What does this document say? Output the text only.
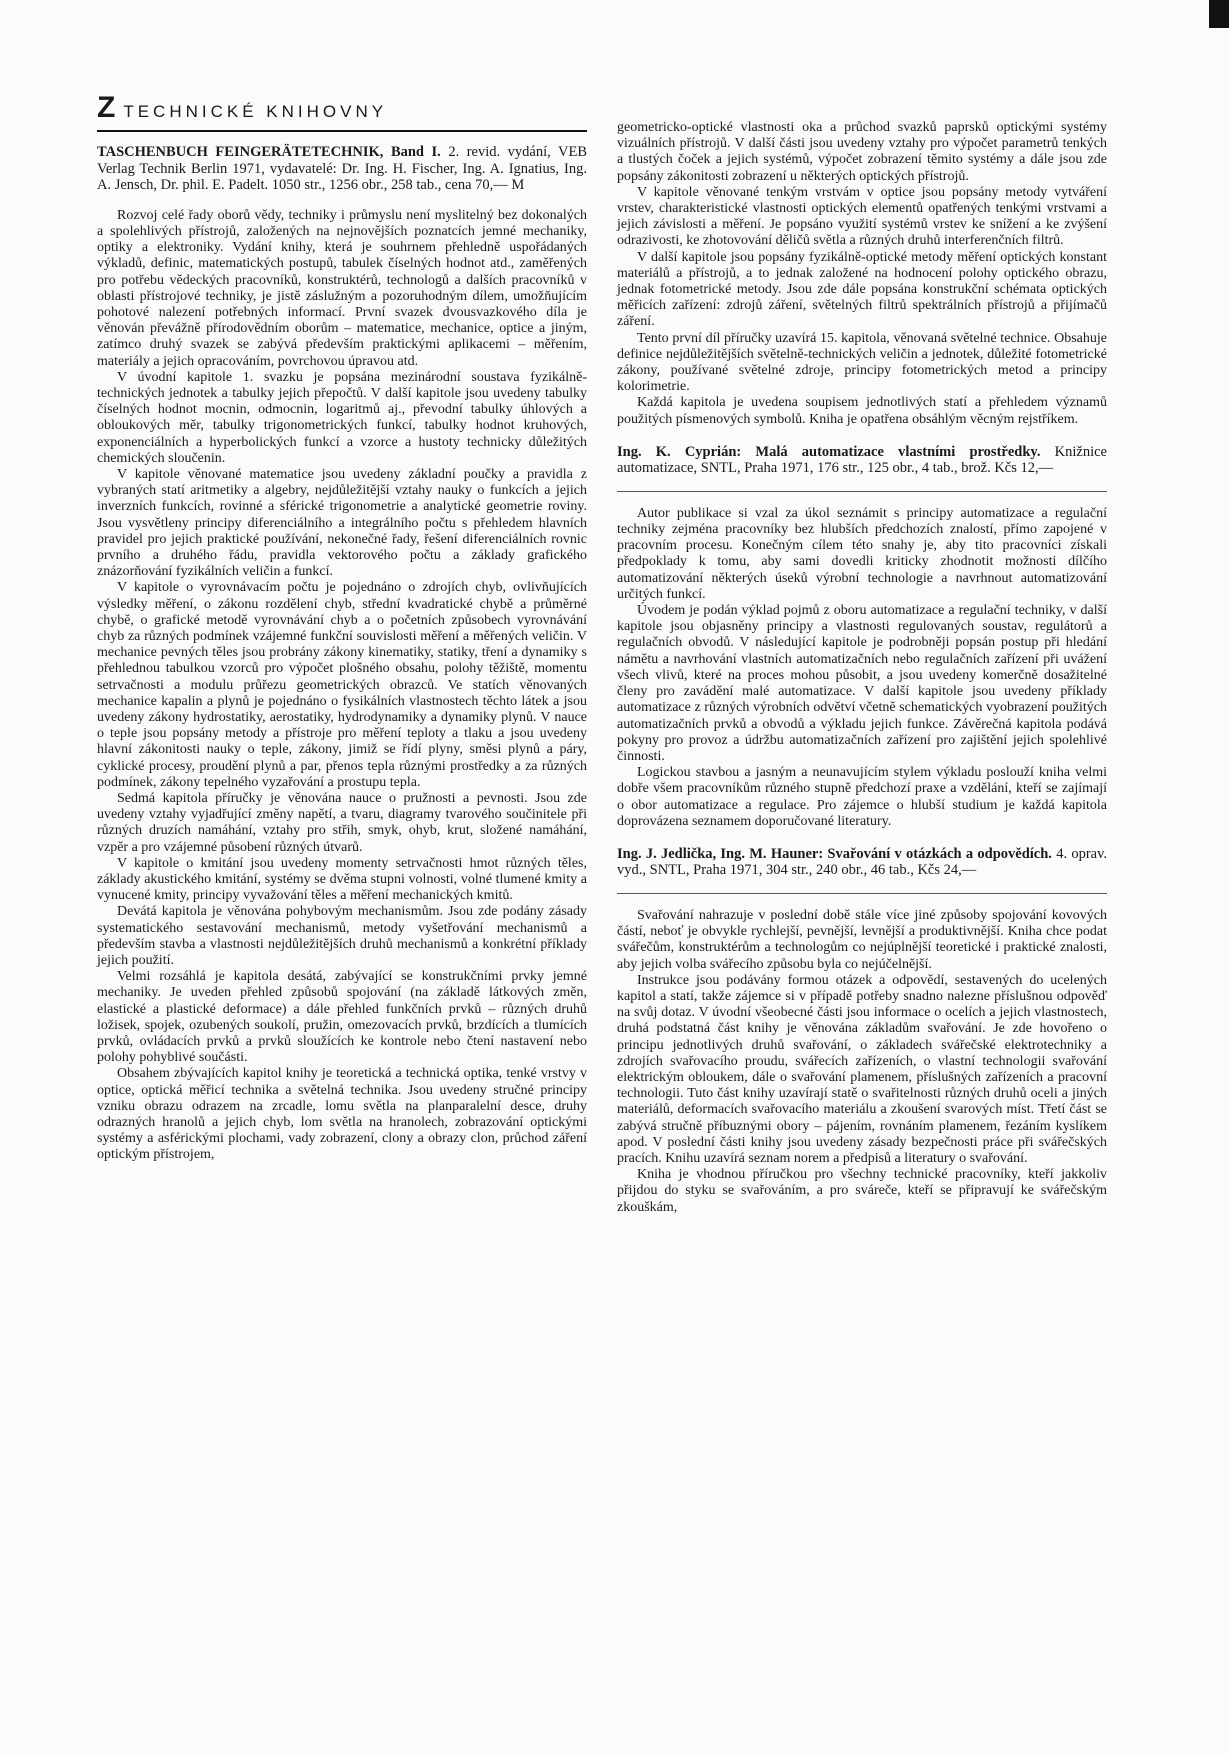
ZTECHNICKÉ KNIHOVNY
TASCHENBUCH FEINGERÄTETECHNIK, Band I. 2. revid. vydání, VEB Verlag Technik Berlin 1971, vydavatelé: Dr. Ing. H. Fischer, Ing. A. Ignatius, Ing. A. Jensch, Dr. phil. E. Padelt. 1050 str., 1256 obr., 258 tab., cena 70,— M

Rozvoj celé řady oborů vědy, techniky i průmyslu není myslitelný bez dokonalých a spolehlivých přístrojů, založených na nejnovějších poznatcích jemné mechaniky, optiky a elektroniky. Vydání knihy, která je souhrnem přehledně uspořádaných výkladů, definic, matematických postupů, tabulek číselných hodnot atd., zaměřených pro potřebu vědeckých pracovníků, konstruktérů, technologů a dalších pracovníků v oblasti přístrojové techniky, je jistě záslužným a pozoruhodným dílem, umožňujícím pohotové nalezení potřebných informací. První svazek dvousvazkového díla je věnován převážně přírodovědním oborům – matematice, mechanice, optice a jiným, zatímco druhý svazek se zabývá především praktickými aplikacemi – měřením, materiály a jejich opracováním, povrchovou úpravou atd.

V úvodní kapitole 1. svazku je popsána mezinárodní soustava fyzikálně-technických jednotek a tabulky jejich přepočtů. V další kapitole jsou uvedeny tabulky číselných hodnot mocnin, odmocnin, logaritmů aj., převodní tabulky úhlových a obloukových měr, tabulky trigonometrických funkcí, tabulky hodnot kruhových, exponenciálních a hyperbolických funkcí a vzorce a hustoty technicky důležitých chemických sloučenin.

V kapitole věnované matematice jsou uvedeny základní poučky a pravidla z vybraných statí aritmetiky a algebry, nejdůležitější vztahy nauky o funkcích a jejich inverzních funkcích, rovinné a sférické trigonometrie a analytické geometrie roviny. Jsou vysvětleny principy diferenciálního a integrálního počtu s přehledem hlavních pravidel pro jejich praktické používání, nekonečné řady, řešení diferenciálních rovnic prvního a druhého řádu, pravidla vektorového počtu a základy grafického znázorňování fyzikálních veličin a funkcí.

V kapitole o vyrovnávacím počtu je pojednáno o zdrojích chyb, ovlivňujících výsledky měření, o zákonu rozdělení chyb, střední kvadratické chybě a průměrné chybě, o grafické metodě vyrovnávání chyb a o početních způsobech vyrovnávání chyb za různých podmínek vzájemné funkční souvislosti měření a měřených veličin. V mechanice pevných těles jsou probrány zákony kinematiky, statiky, tření a dynamiky s přehlednou tabulkou vzorců pro výpočet plošného obsahu, polohy těžiště, momentu setrvačnosti a modulu průřezu geometrických obrazců. Ve statích věnovaných mechanice kapalin a plynů je pojednáno o fysikálních vlastnostech těchto látek a jsou uvedeny zákony hydrostatiky, aerostatiky, hydrodynamiky a dynamiky plynů. V nauce o teple jsou popsány metody a přístroje pro měření teploty a tlaku a jsou uvedeny hlavní zákonitosti nauky o teple, zákony, jimiž se řídí plyny, směsi plynů a páry, cyklické procesy, proudění plynů a par, přenos tepla různými prostředky a za různých podmínek, zákony tepelného vyzařování a prostupu tepla.

Sedmá kapitola příručky je věnována nauce o pružnosti a pevnosti. Jsou zde uvedeny vztahy vyjadřující změny napětí, a tvaru, diagramy tvarového součinitele při různých druzích namáhání, vztahy pro střih, smyk, ohyb, krut, složené namáhání, vzpěr a pro vzájemné působení různých útvarů.

V kapitole o kmitání jsou uvedeny momenty setrvačnosti hmot různých těles, základy akustického kmitání, systémy se dvěma stupni volnosti, volné tlumené kmity a vynucené kmity, principy vyvažování těles a měření mechanických kmitů.

Devátá kapitola je věnována pohybovým mechanismům. Jsou zde podány zásady systematického sestavování mechanismů, metody vyšetřování mechanismů a především stavba a vlastnosti nejdůležitějších druhů mechanismů a konkrétní příklady jejich použití.

Velmi rozsáhlá je kapitola desátá, zabývající se konstrukčními prvky jemné mechaniky. Je uveden přehled způsobů spojování (na základě látkových změn, elastické a plastické deformace) a dále přehled funkčních prvků – různých druhů ložisek, spojek, ozubených soukolí, pružin, omezovacích prvků, brzdících a tlumících prvků, ovládacích prvků a prvků sloužících ke kontrole nebo čtení nastavení nebo polohy pohyblivé součásti.

Obsahem zbývajících kapitol knihy je teoretická a technická optika, tenké vrstvy v optice, optická měřicí technika a světelná technika. Jsou uvedeny stručné principy vzniku obrazu odrazem na zrcadle, lomu světla na planparalelní desce, druhy odrazných hranolů a jejich chyb, lom světla na hranolech, zobrazování optickými systémy a asférickými plochami, vady zobrazení, clony a obrazy clon, průchod záření optickým přístrojem,

geometricko-optické vlastnosti oka a průchod svazků paprsků optickými systémy vizuálních přístrojů. V další části jsou uvedeny vztahy pro výpočet parametrů tenkých a tlustých čoček a jejich systémů, výpočet zobrazení těmito systémy a dále jsou zde popsány zákonitosti zobrazení u některých optických přístrojů.

V kapitole věnované tenkým vrstvám v optice jsou popsány metody vytváření vrstev, charakteristické vlastnosti optických elementů opatřených tenkými vrstvami a jejich závislosti a měření. Je popsáno využití systémů vrstev ke snížení a ke zvýšení odrazivosti, ke zhotovování děličů světla a různých druhů interferenčních filtrů.

V další kapitole jsou popsány fyzikálně-optické metody měření optických konstant materiálů a přístrojů, a to jednak založené na hodnocení polohy optického obrazu, jednak fotometrické metody. Jsou zde dále popsána konstrukční schémata optických měřicích zařízení: zdrojů záření, světelných filtrů spektrálních přístrojů a přijímačů záření.

Tento první díl příručky uzavírá 15. kapitola, věnovaná světelné technice. Obsahuje definice nejdůležitějších světelně-technických veličin a jednotek, důležité fotometrické zákony, používané světelné zdroje, principy fotometrických metod a principy kolorimetrie.

Každá kapitola je uvedena soupisem jednotlivých statí a přehledem významů použitých písmenových symbolů. Kniha je opatřena obsáhlým věcným rejstříkem.

Ing. K. Cyprián: Malá automatizace vlastními prostředky. Knižnice automatizace, SNTL, Praha 1971, 176 str., 125 obr., 4 tab., brož. Kčs 12,—

Autor publikace si vzal za úkol seznámit s principy automatizace a regulační techniky zejména pracovníky bez hlubších předchozích znalostí, přímo zapojené v pracovním procesu. Konečným cílem této snahy je, aby tito pracovníci získali předpoklady k tomu, aby sami dovedli kriticky zhodnotit možnosti dílčího automatizování některých úseků výrobní technologie a navrhnout automatizování určitých funkcí.

Úvodem je podán výklad pojmů z oboru automatizace a regulační techniky, v další kapitole jsou objasněny principy a vlastnosti regulovaných soustav, regulátorů a regulačních obvodů. V následující kapitole je podrobněji popsán postup při hledání námětu a navrhování vlastních automatizačních nebo regulačních zařízení při uvážení všech vlivů, které na proces mohou působit, a jsou uvedeny komerčně dosažitelné členy pro zavádění malé automatizace. V další kapitole jsou uvedeny příklady automatizace z různých výrobních odvětví včetně schematických vyobrazení použitých automatizačních prvků a obvodů a výkladu jejich funkce. Závěrečná kapitola podává pokyny pro provoz a údržbu automatizačních zařízení pro zajištění jejich spolehlivé činnosti.

Logickou stavbou a jasným a neunavujícím stylem výkladu poslouží kniha velmi dobře všem pracovníkům různého stupně předchozí praxe a vzdělání, kteří se zajímají o obor automatizace a regulace. Pro zájemce o hlubší studium je každá kapitola doprovázena seznamem doporučované literatury.

Ing. J. Jedlička, Ing. M. Hauner: Svařování v otázkách a odpovědích. 4. oprav. vyd., SNTL, Praha 1971, 304 str., 240 obr., 46 tab., Kčs 24,—

Svařování nahrazuje v poslední době stále více jiné způsoby spojování kovových částí, neboť je obvykle rychlejší, pevnější, levnější a produktivnější. Kniha chce podat svářečům, konstruktérům a technologům co nejúplnější teoretické i praktické znalosti, aby jejich volba svářecího způsobu byla co nejúčelnější.

Instrukce jsou podávány formou otázek a odpovědí, sestavených do ucelených kapitol a statí, takže zájemce si v případě potřeby snadno nalezne příslušnou odpověď na svůj dotaz. V úvodní všeobecné části jsou informace o ocelích a jejich vlastnostech, druhá podstatná část knihy je věnována základům svařování. Je zde hovořeno o principu jednotlivých druhů svařování, o základech svářečské elektrotechniky a zdrojích svařovacího proudu, svářecích zařízeních, o vlastní technologii svařování elektrickým obloukem, dále o svařování plamenem, příslušných zařízeních a pracovní technologii. Tuto část knihy uzavírají statě o svařitelnosti různých druhů oceli a jiných materiálů, deformacích svařovacího materiálu a zkoušení svarových míst. Třetí část se zabývá stručně příbuznými obory – pájením, rovnáním plamenem, řezáním kyslíkem apod. V poslední části knihy jsou uvedeny zásady bezpečnosti práce při svářečských pracích. Knihu uzavírá seznam norem a předpisů a literatury o svařování.

Kniha je vhodnou příručkou pro všechny technické pracovníky, kteří jakkoliv přijdou do styku se svařováním, a pro sváreče, kteří se připravují ke svářečským zkouškám,
